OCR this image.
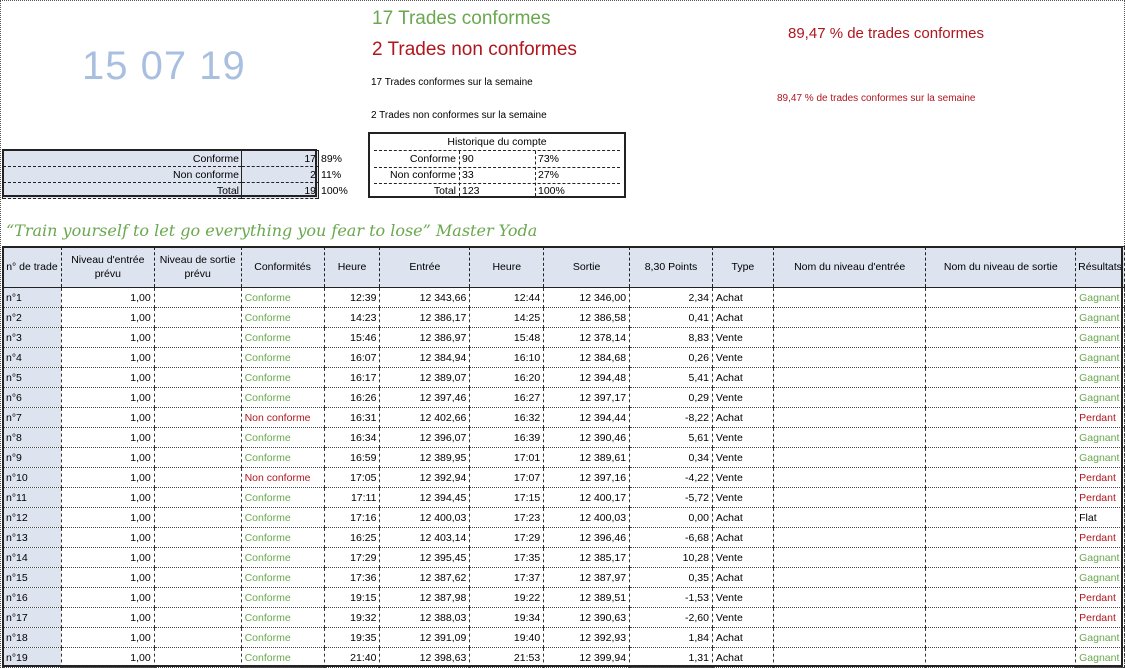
15 07 19
17 Trades conformes
2 Trades non conformes
17 Trades conformes sur la semaine
2 Trades non conformes sur la semaine
89,47 % de trades conformes
89,47 % de trades conformes sur la semaine
Conforme	17	89%
Non conforme	2	11%
Total	19	100%
Historique du compte
Conforme 90	73%
Non conforme 33	27%
Total 123	100%
“Train yourself to let go everything you fear to lose” Master Yoda
n° de trade	Niveau d'entrée prévu	Niveau de sortie prévu	Conformités	Heure	Entrée	Heure	Sortie	8,30 Points	Type	Nom du niveau d'entrée	Nom du niveau de sortie	Résultats
n°1	1,00		Conforme	12:39	12 343,66	12:44	12 346,00	2,34	Achat			Gagnant
n°2	1,00		Conforme	14:23	12 386,17	14:25	12 386,58	0,41	Achat			Gagnant
n°3	1,00		Conforme	15:46	12 386,97	15:48	12 378,14	8,83	Vente			Gagnant
n°4	1,00		Conforme	16:07	12 384,94	16:10	12 384,68	0,26	Vente			Gagnant
n°5	1,00		Conforme	16:17	12 389,07	16:20	12 394,48	5,41	Achat			Gagnant
n°6	1,00		Conforme	16:26	12 397,46	16:27	12 397,17	0,29	Vente			Gagnant
n°7	1,00		Non conforme	16:31	12 402,66	16:32	12 394,44	-8,22	Achat			Perdant
n°8	1,00		Conforme	16:34	12 396,07	16:39	12 390,46	5,61	Vente			Gagnant
n°9	1,00		Conforme	16:59	12 389,95	17:01	12 389,61	0,34	Vente			Gagnant
n°10	1,00		Non conforme	17:05	12 392,94	17:07	12 397,16	-4,22	Vente			Perdant
n°11	1,00		Conforme	17:11	12 394,45	17:15	12 400,17	-5,72	Vente			Perdant
n°12	1,00		Conforme	17:16	12 400,03	17:23	12 400,03	0,00	Achat			Flat
n°13	1,00		Conforme	16:25	12 403,14	17:29	12 396,46	-6,68	Achat			Perdant
n°14	1,00		Conforme	17:29	12 395,45	17:35	12 385,17	10,28	Vente			Gagnant
n°15	1,00		Conforme	17:36	12 387,62	17:37	12 387,97	0,35	Achat			Gagnant
n°16	1,00		Conforme	19:15	12 387,98	19:22	12 389,51	-1,53	Vente			Perdant
n°17	1,00		Conforme	19:32	12 388,03	19:34	12 390,63	-2,60	Vente			Perdant
n°18	1,00		Conforme	19:35	12 391,09	19:40	12 392,93	1,84	Achat			Gagnant
n°19	1,00		Conforme	21:40	12 398,63	21:53	12 399,94	1,31	Achat			Gagnant
